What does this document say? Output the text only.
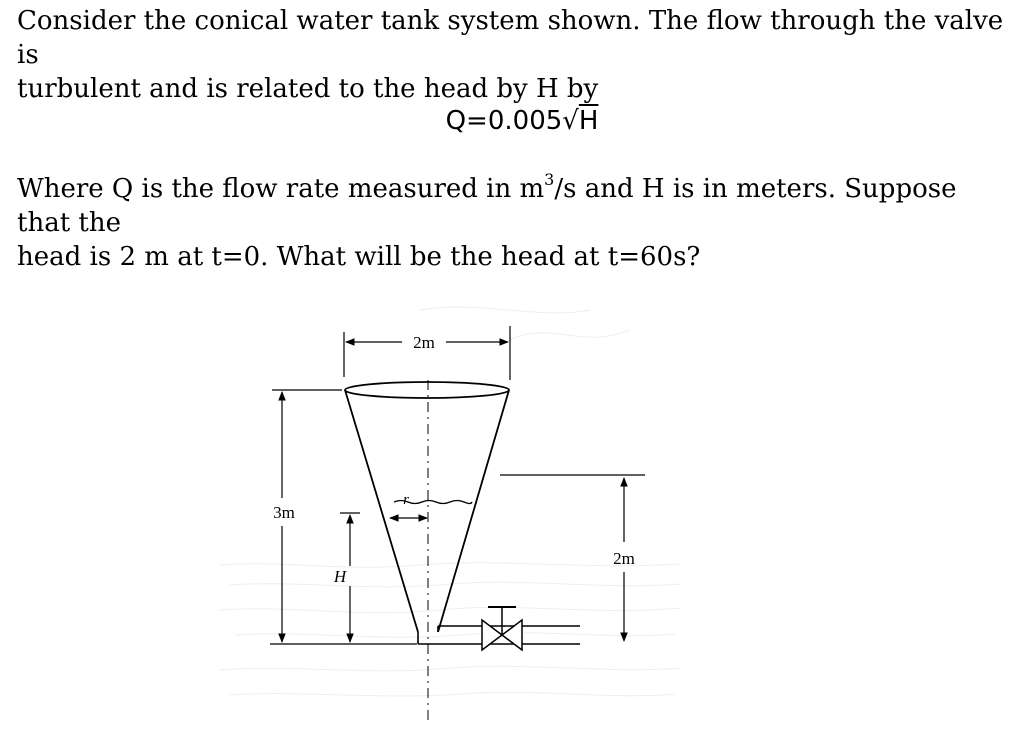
Consider the conical water tank system shown. The flow through the valve is
turbulent and is related to the head by H by

Q=0.005√H

Where Q is the flow rate measured in $m^3/s$ and H is in meters. Suppose that the
head is 2 m at t=0. What will be the head at t=60s?

2m
3m
H
r
2m
